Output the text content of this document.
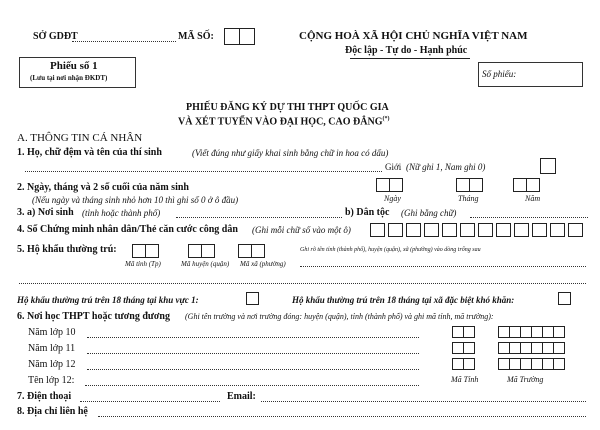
SỞ GDĐT	MÃ SỐ:	CỘNG HOÀ XÃ HỘI CHỦ NGHĨA VIỆT NAM
Độc lập - Tự do - Hạnh phúc
Phiếu số 1
(Lưu tại nơi nhận ĐKDT)	Số phiếu:
PHIẾU ĐĂNG KÝ DỰ THI THPT QUỐC GIA
VÀ XÉT TUYỂN VÀO ĐẠI HỌC, CAO ĐẲNG(*)
A. THÔNG TIN CÁ NHÂN
1. Họ, chữ đệm và tên của thí sinh	(Viết đúng như giấy khai sinh bằng chữ in hoa có dấu)
Giới (Nữ ghi 1, Nam ghi 0)
2. Ngày, tháng và 2 số cuối của năm sinh
(Nếu ngày và tháng sinh nhỏ hơn 10 thì ghi số 0 ở ô đầu)	Ngày	Tháng	Năm
3. a) Nơi sinh (tỉnh hoặc thành phố)	b) Dân tộc (Ghi bằng chữ)
4. Số Chứng minh nhân dân/Thẻ căn cước công dân (Ghi mỗi chữ số vào một ô)
5. Hộ khẩu thường trú:	Ghi rõ tên tỉnh (thành phố), huyện (quận), xã (phường) vào dòng trống sau
Mã tỉnh (Tp)	Mã huyện (quận) Mã xã (phường)
Hộ khẩu thường trú trên 18 tháng tại khu vực 1:	Hộ khẩu thường trú trên 18 tháng tại xã đặc biệt khó khăn:
6. Nơi học THPT hoặc tương đương (Ghi tên trường và nơi trường đóng: huyện (quận), tỉnh (thành phố) và ghi mã tỉnh, mã trường):
Năm lớp 10
Năm lớp 11
Năm lớp 12
Tên lớp 12:	Mã Tỉnh	Mã Trường
7. Điện thoại	Email:
8. Địa chỉ liên hệ
